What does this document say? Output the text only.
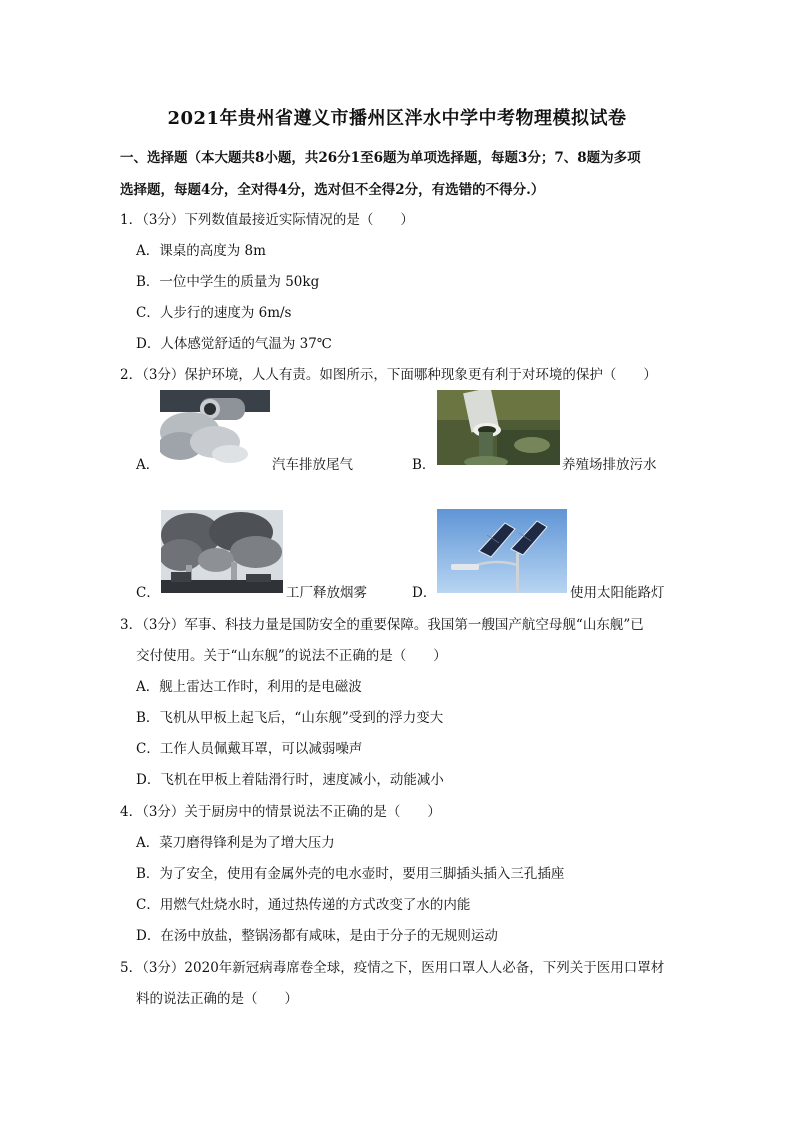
2021年贵州省遵义市播州区泮水中学中考物理模拟试卷
一、选择题（本大题共8小题，共26分1至6题为单项选择题，每题3分；7、8题为多项
选择题，每题4分，全对得4分，选对但不全得2分，有选错的不得分.）
1．（3分）下列数值最接近实际情况的是（　　）
A．课桌的高度为 8m
B．一位中学生的质量为 50kg
C．人步行的速度为 6m/s
D．人体感觉舒适的气温为 37℃
2．（3分）保护环境，人人有责。如图所示，下面哪种现象更有利于对环境的保护（　　）
A．	汽车排放尾气	B．	养殖场排放污水
C．	工厂释放烟雾	D．	使用太阳能路灯
3．（3分）军事、科技力量是国防安全的重要保障。我国第一艘国产航空母舰“山东舰”已
交付使用。关于“山东舰”的说法不正确的是（　　）
A．舰上雷达工作时，利用的是电磁波
B．飞机从甲板上起飞后，“山东舰”受到的浮力变大
C．工作人员佩戴耳罩，可以减弱噪声
D．飞机在甲板上着陆滑行时，速度减小，动能减小
4．（3分）关于厨房中的情景说法不正确的是（　　）
A．菜刀磨得锋利是为了增大压力
B．为了安全，使用有金属外壳的电水壶时，要用三脚插头插入三孔插座
C．用燃气灶烧水时，通过热传递的方式改变了水的内能
D．在汤中放盐，整锅汤都有咸味，是由于分子的无规则运动
5．（3分）2020年新冠病毒席卷全球，疫情之下，医用口罩人人必备，下列关于医用口罩材
料的说法正确的是（　　）
